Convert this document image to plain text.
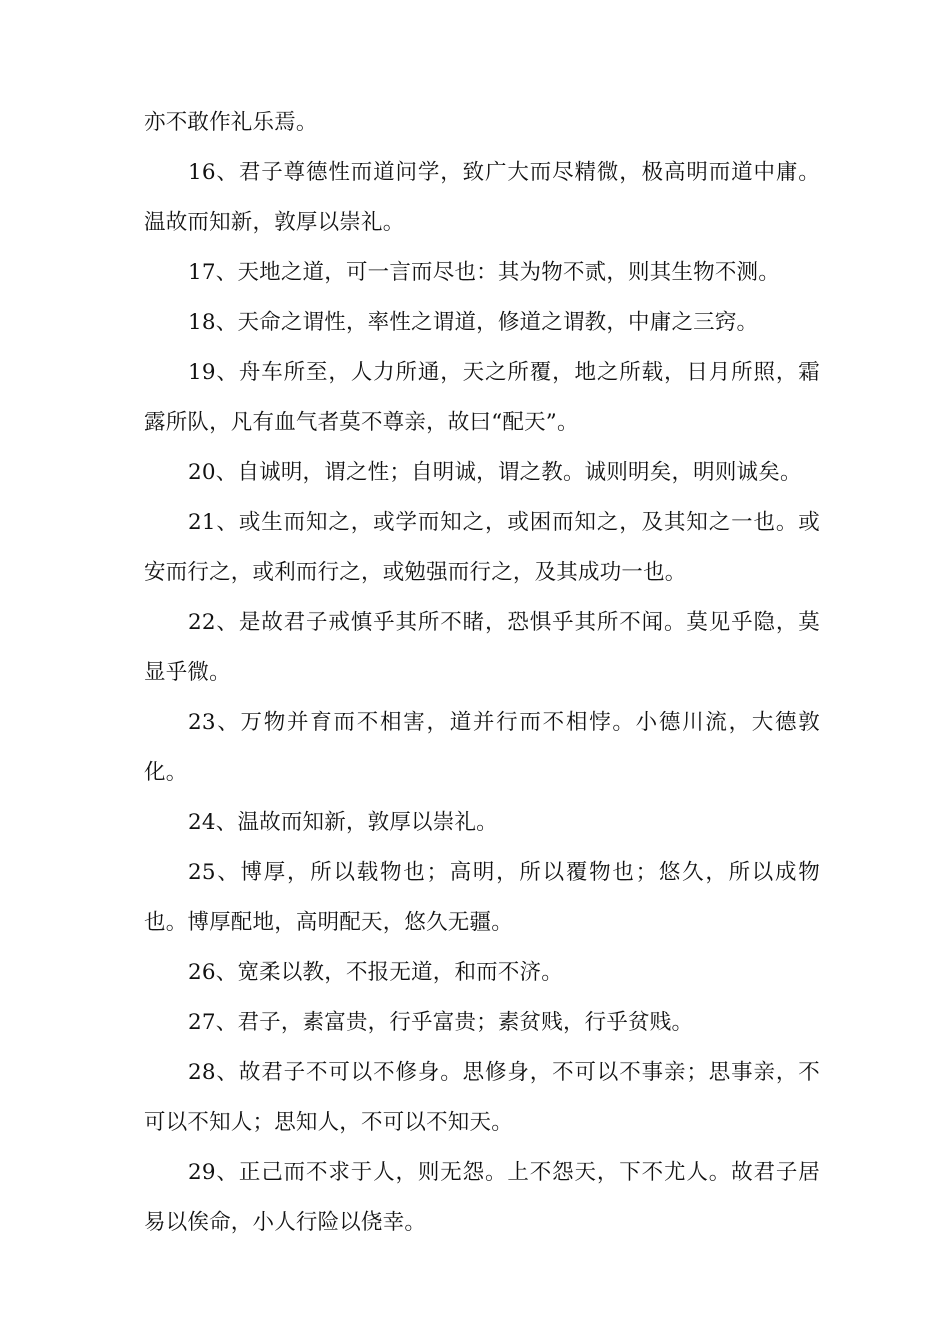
亦不敢作礼乐焉。

16、君子尊德性而道问学，致广大而尽精微，极高明而道中庸。温故而知新，敦厚以崇礼。

17、天地之道，可一言而尽也：其为物不贰，则其生物不测。

18、天命之谓性，率性之谓道，修道之谓教，中庸之三窍。

19、舟车所至，人力所通，天之所覆，地之所载，日月所照，霜露所队，凡有血气者莫不尊亲，故曰“配天”。

20、自诚明，谓之性；自明诚，谓之教。诚则明矣，明则诚矣。

21、或生而知之，或学而知之，或困而知之，及其知之一也。或安而行之，或利而行之，或勉强而行之，及其成功一也。

22、是故君子戒慎乎其所不睹，恐惧乎其所不闻。莫见乎隐，莫显乎微。

23、万物并育而不相害，道并行而不相悖。小德川流，大德敦化。

24、温故而知新，敦厚以崇礼。

25、博厚，所以载物也；高明，所以覆物也；悠久，所以成物也。博厚配地，高明配天，悠久无疆。

26、宽柔以教，不报无道，和而不济。

27、君子，素富贵，行乎富贵；素贫贱，行乎贫贱。

28、故君子不可以不修身。思修身，不可以不事亲；思事亲，不可以不知人；思知人，不可以不知天。

29、正己而不求于人，则无怨。上不怨天，下不尤人。故君子居易以俟命，小人行险以侥幸。
